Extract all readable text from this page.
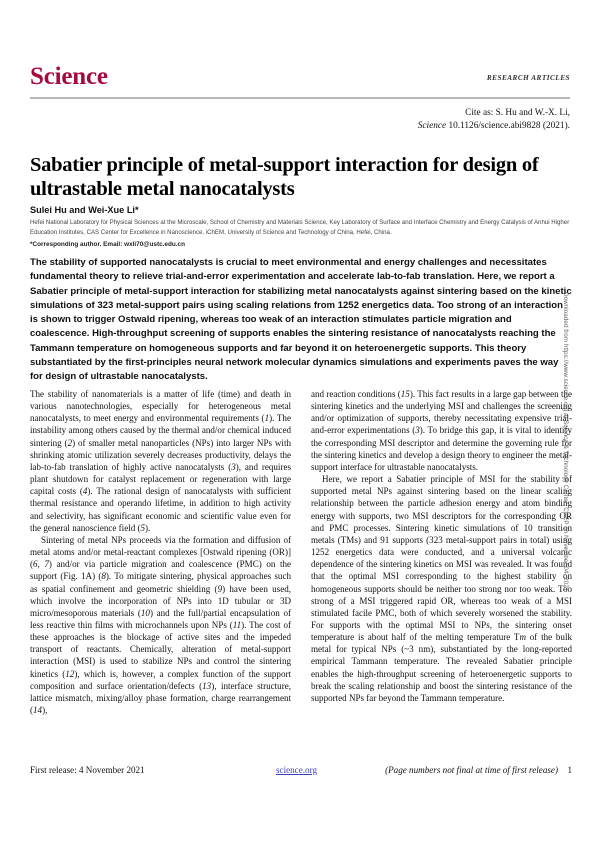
Science	RESEARCH ARTICLES
Cite as: S. Hu and W.-X. Li,
Science 10.1126/science.abi9828 (2021).
Sabatier principle of metal-support interaction for design of ultrastable metal nanocatalysts
Sulei Hu and Wei-Xue Li*
Hefei National Laboratory for Physical Sciences at the Microscale, School of Chemistry and Materials Science, Key Laboratory of Surface and Interface Chemistry and Energy Catalysis of Anhui Higher Education Institutes, CAS Center for Excellence in Nanoscience, iChEM, University of Science and Technology of China, Hefei, China.
*Corresponding author. Email: wxli70@ustc.edu.cn
The stability of supported nanocatalysts is crucial to meet environmental and energy challenges and necessitates fundamental theory to relieve trial-and-error experimentation and accelerate lab-to-fab translation. Here, we report a Sabatier principle of metal-support interaction for stabilizing metal nanocatalysts against sintering based on the kinetic simulations of 323 metal-support pairs using scaling relations from 1252 energetics data. Too strong of an interaction is shown to trigger Ostwald ripening, whereas too weak of an interaction stimulates particle migration and coalescence. High-throughput screening of supports enables the sintering resistance of nanocatalysts reaching the Tammann temperature on homogeneous supports and far beyond it on heteroenergetic supports. This theory substantiated by the first-principles neural network molecular dynamics simulations and experiments paves the way for design of ultrastable nanocatalysts.

The stability of nanomaterials is a matter of life (time) and death in various nanotechnologies, especially for heterogeneous metal nanocatalysts, to meet energy and environmental requirements (1). The instability among others caused by the thermal and/or chemical induced sintering (2) of smaller metal nanoparticles (NPs) into larger NPs with shrinking atomic utilization severely decreases productivity, delays the lab-to-fab translation of highly active nanocatalysts (3), and requires plant shutdown for catalyst replacement or regeneration with large capital costs (4). The rational design of nanocatalysts with sufficient thermal resistance and operando lifetime, in addition to high activity and selectivity, has significant economic and scientific value even for the general nanoscience field (5).

Sintering of metal NPs proceeds via the formation and diffusion of metal atoms and/or metal-reactant complexes [Ostwald ripening (OR)] (6, 7) and/or via particle migration and coalescence (PMC) on the support (Fig. 1A) (8). To mitigate sintering, physical approaches such as spatial confinement and geometric shielding (9) have been used, which involve the incorporation of NPs into 1D tubular or 3D micro/mesoporous materials (10) and the full/partial encapsulation of less reactive thin films with microchannels upon NPs (11). The cost of these approaches is the blockage of active sites and the impeded transport of reactants. Chemically, alteration of metal-support interaction (MSI) is used to stabilize NPs and control the sintering kinetics (12), which is, however, a complex function of the support composition and surface orientation/defects (13), interface structure, lattice mismatch, mixing/alloy phase formation, charge rearrangement (14),

and reaction conditions (15). This fact results in a large gap between the sintering kinetics and the underlying MSI and challenges the screening and/or optimization of supports, thereby necessitating expensive trial-and-error experimentations (3). To bridge this gap, it is vital to identify the corresponding MSI descriptor and determine the governing rule for the sintering kinetics and develop a design theory to engineer the metal-support interface for ultrastable nanocatalysts.

Here, we report a Sabatier principle of MSI for the stability of supported metal NPs against sintering based on the linear scaling relationship between the particle adhesion energy and atom binding energy with supports, two MSI descriptors for the corresponding OR and PMC processes. Sintering kinetic simulations of 10 transition metals (TMs) and 91 supports (323 metal-support pairs in total) using 1252 energetics data were conducted, and a universal volcanic dependence of the sintering kinetics on MSI was revealed. It was found that the optimal MSI corresponding to the highest stability on homogeneous supports should be neither too strong nor too weak. Too strong of a MSI triggered rapid OR, whereas too weak of a MSI stimulated facile PMC, both of which severely worsened the stability. For supports with the optimal MSI to NPs, the sintering onset temperature is about half of the melting temperature Tm of the bulk metal for typical NPs (~3 nm), substantiated by the long-reported empirical Tammann temperature. The revealed Sabatier principle enables the high-throughput screening of heteroenergetic supports to break the scaling relationship and boost the sintering resistance of the supported NPs far beyond the Tammann temperature.

Downloaded from https://www.science.org at Science & Technology Center, CAEP on November 04, 2021
First release: 4 November 2021	science.org	(Page numbers not final at time of first release) 1
